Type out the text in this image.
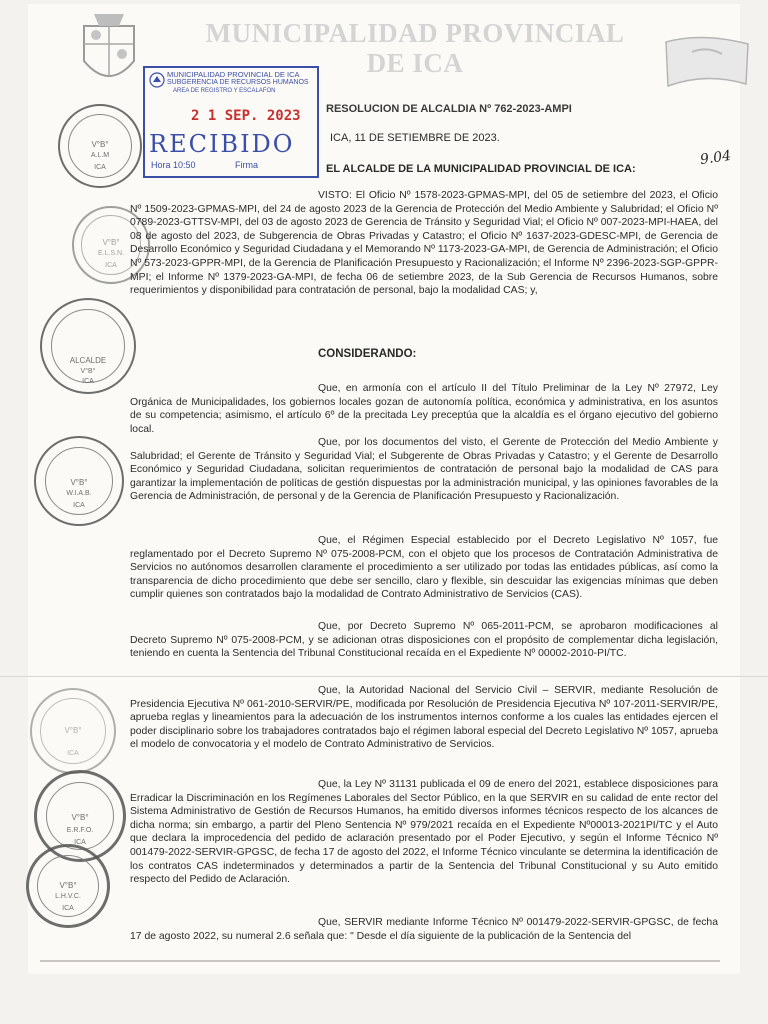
MUNICIPALIDAD PROVINCIAL DE ICA
MUNICIPALIDAD PROVINCIAL DE ICA
SUBGERENCIA DE RECURSOS HUMANOS
AREA DE REGISTRO Y ESCALAFON
2 1 SEP. 2023
RECIBIDO
Hora 10:50	Firma
RESOLUCION DE ALCALDIA Nº 762-2023-AMPI
ICA, 11 DE SETIEMBRE DE 2023.
EL ALCALDE DE LA MUNICIPALIDAD PROVINCIAL DE ICA:
9.04
V°B°
A.L.M
ICA
V°B°
E.L.S.N.
ICA
ALCALDE
V°B°
ICA
V°B°
W.I.A.B.
ICA
V°B°
ICA
V°B°
E.R.F.O.
ICA
V°B°
L.H.V.C.
ICA
VISTO: El Oficio Nº 1578-2023-GPMAS-MPI, del 05 de setiembre del 2023, el Oficio Nº 1509-2023-GPMAS-MPI, del 24 de agosto 2023 de la Gerencia de Protección del Medio Ambiente y Salubridad; el Oficio Nº 0789-2023-GTTSV-MPI, del 03 de agosto 2023 de Gerencia de Tránsito y Seguridad Vial; el Oficio Nº 007-2023-MPI-HAEA, del 08 de agosto del 2023, de Subgerencia de Obras Privadas y Catastro; el Oficio Nº 1637-2023-GDESC-MPI, de Gerencia de Desarrollo Económico y Seguridad Ciudadana y el Memorando Nº 1173-2023-GA-MPI, de Gerencia de Administración; el Oficio Nº 573-2023-GPPR-MPI, de la Gerencia de Planificación Presupuesto y Racionalización; el Informe Nº 2396-2023-SGP-GPPR-MPI; el Informe Nº 1379-2023-GA-MPI, de fecha 06 de setiembre 2023, de la Sub Gerencia de Recursos Humanos, sobre requerimientos y disponibilidad para contratación de personal, bajo la modalidad CAS; y,
CONSIDERANDO:
Que, en armonía con el artículo II del Título Preliminar de la Ley Nº 27972, Ley Orgánica de Municipalidades, los gobiernos locales gozan de autonomía política, económica y administrativa, en los asuntos de su competencia; asimismo, el artículo 6º de la precitada Ley preceptúa que la alcaldía es el órgano ejecutivo del gobierno local.
Que, por los documentos del visto, el Gerente de Protección del Medio Ambiente y Salubridad; el Gerente de Tránsito y Seguridad Vial; el Subgerente de Obras Privadas y Catastro; y el Gerente de Desarrollo Económico y Seguridad Ciudadana, solicitan requerimientos de contratación de personal bajo la modalidad de CAS para garantizar la implementación de políticas de gestión dispuestas por la administración municipal, y las opiniones favorables de la Gerencia de Administración, de personal y de la Gerencia de Planificación Presupuesto y Racionalización.
Que, el Régimen Especial establecido por el Decreto Legislativo Nº 1057, fue reglamentado por el Decreto Supremo Nº 075-2008-PCM, con el objeto que los procesos de Contratación Administrativa de Servicios no autónomos desarrollen claramente el procedimiento a ser utilizado por todas las entidades públicas, así como la transparencia de dicho procedimiento que debe ser sencillo, claro y flexible, sin descuidar las exigencias mínimas que deben cumplir quienes son contratados bajo la modalidad de Contrato Administrativo de Servicios (CAS).
Que, por Decreto Supremo Nº 065-2011-PCM, se aprobaron modificaciones al Decreto Supremo Nº 075-2008-PCM, y se adicionan otras disposiciones con el propósito de complementar dicha legislación, teniendo en cuenta la Sentencia del Tribunal Constitucional recaída en el Expediente Nº 00002-2010-PI/TC.
Que, la Autoridad Nacional del Servicio Civil – SERVIR, mediante Resolución de Presidencia Ejecutiva Nº 061-2010-SERVIR/PE, modificada por Resolución de Presidencia Ejecutiva Nº 107-2011-SERVIR/PE, aprueba reglas y lineamientos para la adecuación de los instrumentos internos conforme a los cuales las entidades ejercen el poder disciplinario sobre los trabajadores contratados bajo el régimen laboral especial del Decreto Legislativo Nº 1057, aprueba el modelo de convocatoria y el modelo de Contrato Administrativo de Servicios.
Que, la Ley Nº 31131 publicada el 09 de enero del 2021, establece disposiciones para Erradicar la Discriminación en los Regímenes Laborales del Sector Público, en la que SERVIR en su calidad de ente rector del Sistema Administrativo de Gestión de Recursos Humanos, ha emitido diversos informes técnicos respecto de los alcances de dicha norma; sin embargo, a partir del Pleno Sentencia Nº 979/2021 recaída en el Expediente Nº00013-2021PI/TC y el Auto que declara la improcedencia del pedido de aclaración presentado por el Poder Ejecutivo, y según el Informe Técnico Nº 001479-2022-SERVIR-GPGSC, de fecha 17 de agosto del 2022, el Informe Técnico vinculante se determina la identificación de los contratos CAS indeterminados y determinados a partir de la Sentencia del Tribunal Constitucional y su Auto emitido respecto del Pedido de Aclaración.
Que, SERVIR mediante Informe Técnico Nº 001479-2022-SERVIR-GPGSC, de fecha 17 de agosto 2022, su numeral 2.6 señala que: " Desde el día siguiente de la publicación de la Sentencia del
